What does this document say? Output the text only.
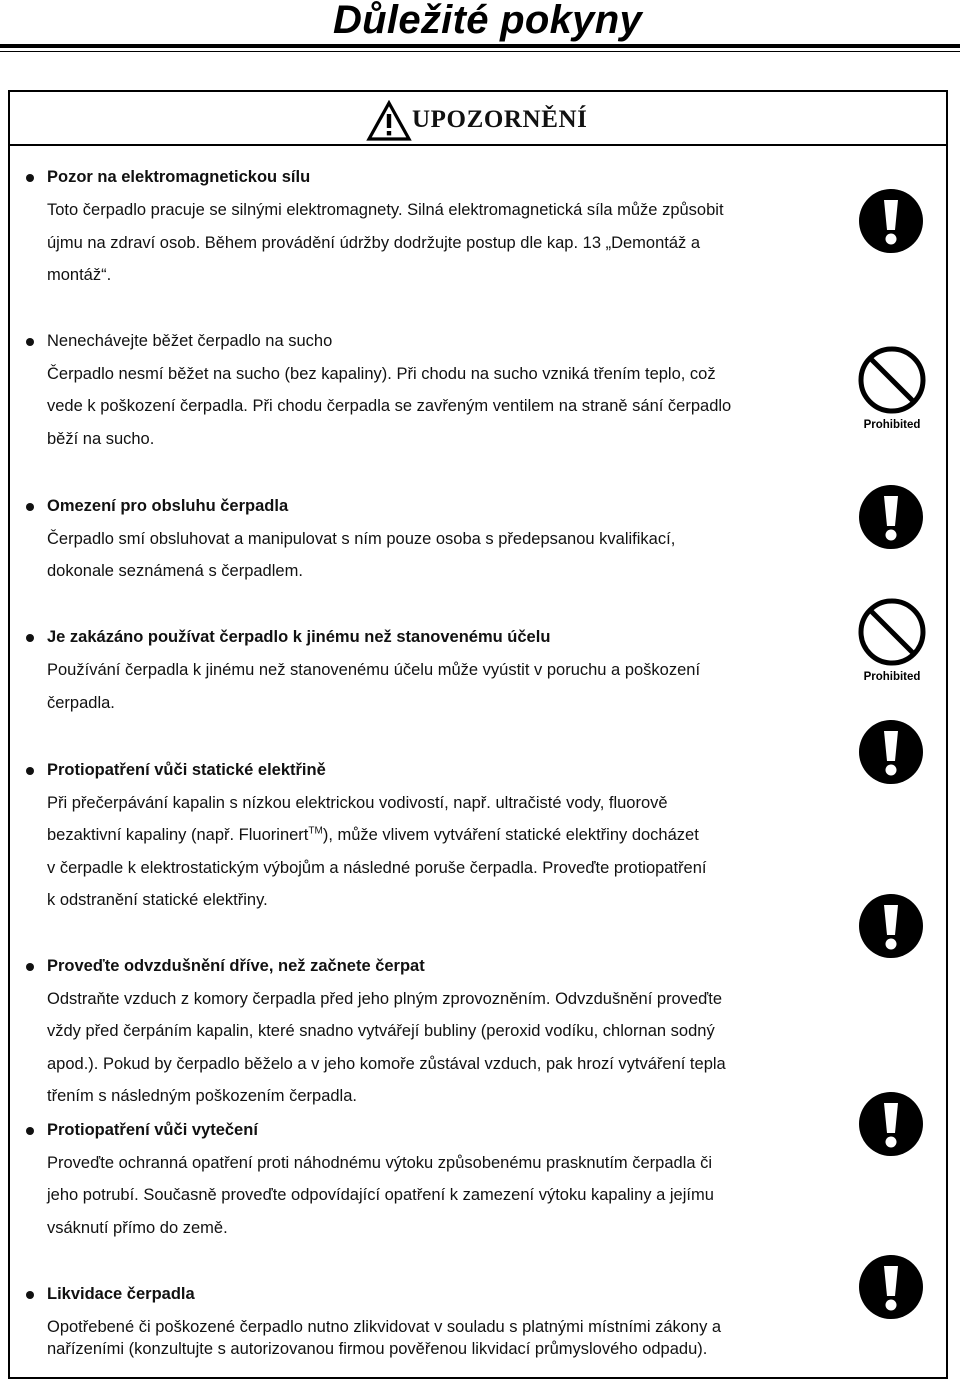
Důležité pokyny
UPOZORNĚNÍ
Pozor na elektromagnetickou sílu
Toto čerpadlo pracuje se silnými elektromagnety. Silná elektromagnetická síla může způsobit
újmu na zdraví osob. Během provádění údržby dodržujte postup dle kap. 13 „Demontáž a
montáž“.
Nenechávejte běžet čerpadlo na sucho
Čerpadlo nesmí běžet na sucho (bez kapaliny). Při chodu na sucho vzniká třením teplo, což
vede k poškození čerpadla. Při chodu čerpadla se zavřeným ventilem na straně sání čerpadlo
běží na sucho.
Prohibited
Omezení pro obsluhu čerpadla
Čerpadlo smí obsluhovat a manipulovat s ním pouze osoba s předepsanou kvalifikací,
dokonale seznámená s čerpadlem.
Je zakázáno používat čerpadlo k jinému než stanovenému účelu
Používání čerpadla k jinému než stanovenému účelu může vyústit v poruchu a poškození
čerpadla.
Prohibited
Protiopatření vůči statické elektřině
Při přečerpávání kapalin s nízkou elektrickou vodivostí, např. ultračisté vody, fluorově
bezaktivní kapaliny (např. Fluorinert™), může vlivem vytváření statické elektřiny docházet
v čerpadle k elektrostatickým výbojům a následné poruše čerpadla. Proveďte protiopatření
k odstranění statické elektřiny.
Proveďte odvzdušnění dříve, než začnete čerpat
Odstraňte vzduch z komory čerpadla před jeho plným zprovozněním. Odvzdušnění proveďte
vždy před čerpáním kapalin, které snadno vytvářejí bubliny (peroxid vodíku, chlornan sodný
apod.). Pokud by čerpadlo běželo a v jeho komoře zůstával vzduch, pak hrozí vytváření tepla
třením s následným poškozením čerpadla.
Protiopatření vůči vytečení
Proveďte ochranná opatření proti náhodnému výtoku způsobenému prasknutím čerpadla či
jeho potrubí. Současně proveďte odpovídající opatření k zamezení výtoku kapaliny a jejímu
vsáknutí přímo do země.
Likvidace čerpadla
Opotřebené či poškozené čerpadlo nutno zlikvidovat v souladu s platnými místními zákony a
nařízeními (konzultujte s autorizovanou firmou pověřenou likvidací průmyslového odpadu).
